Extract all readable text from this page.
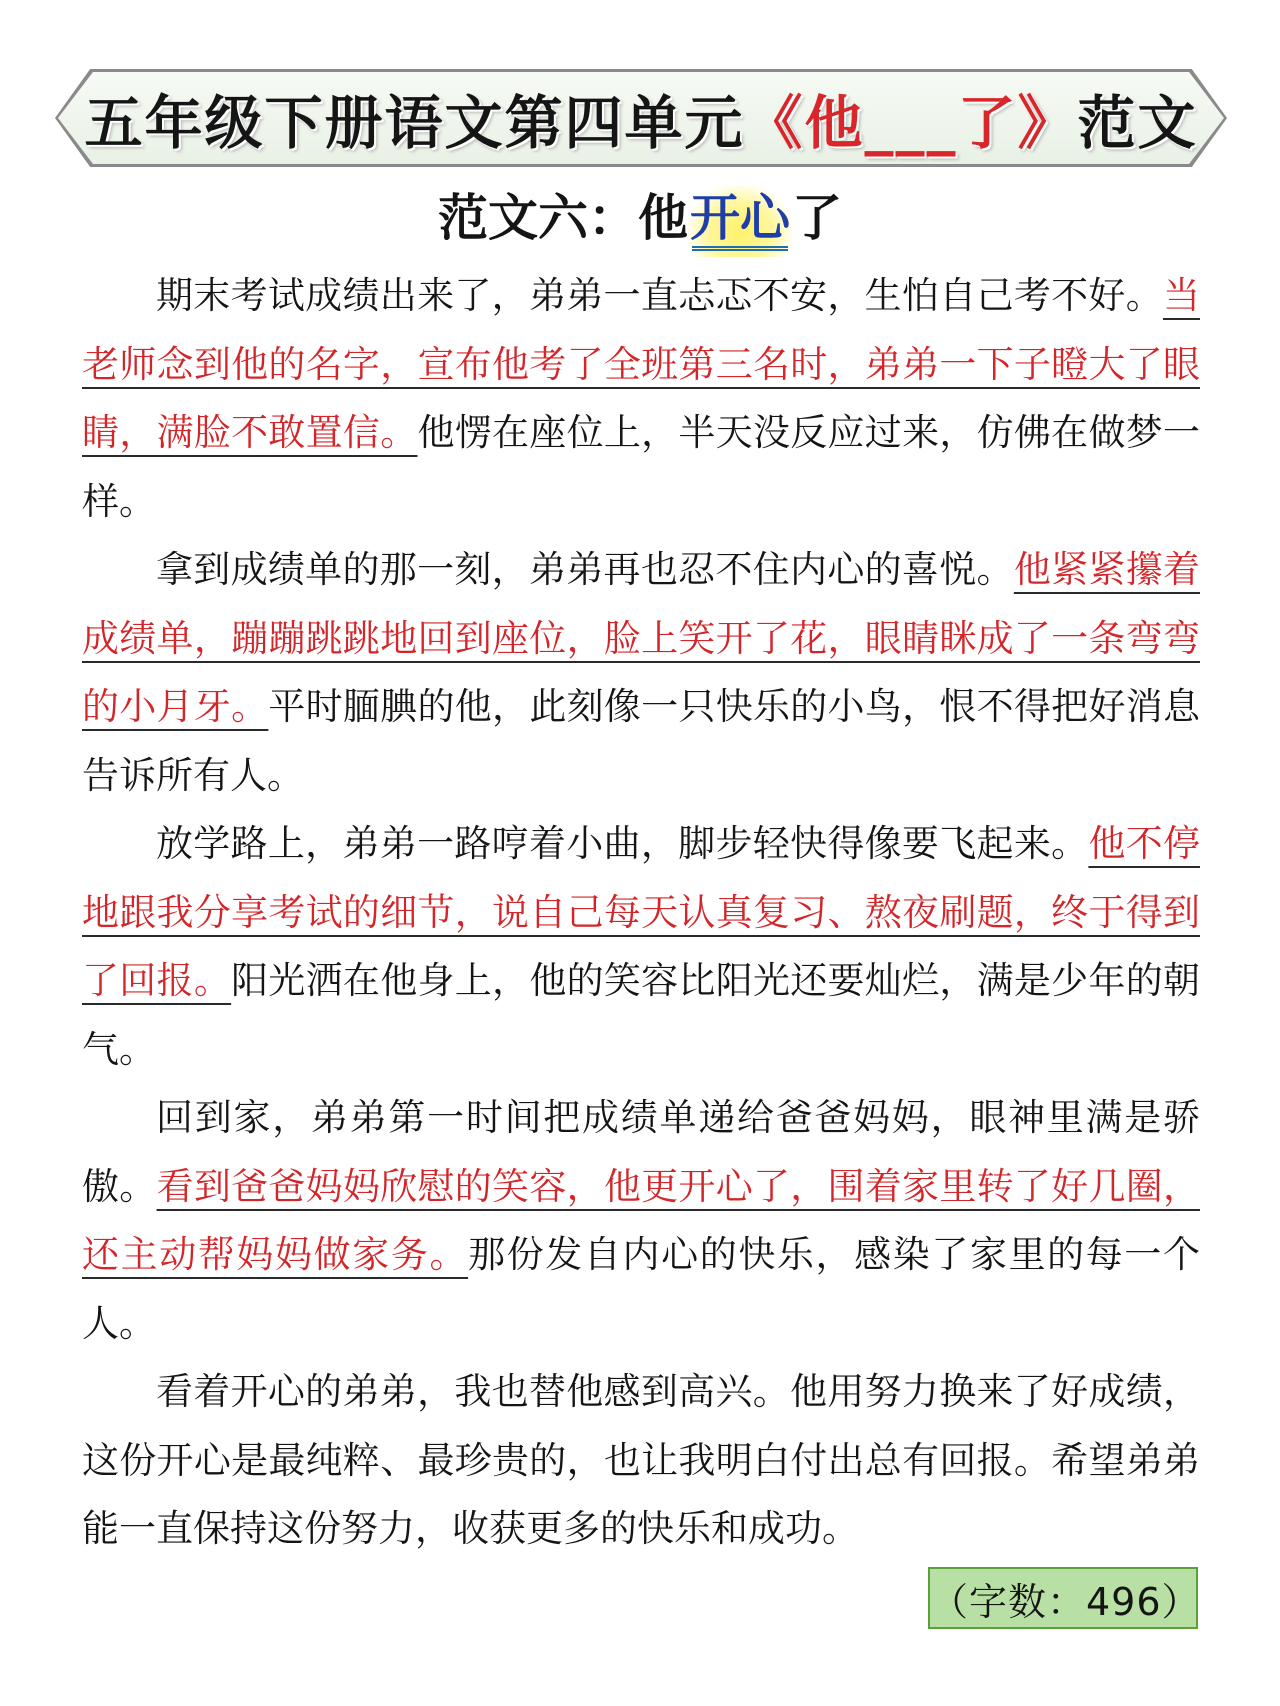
五年级下册语文第四单元 《他___了》 范文
范文六：他开心了

期末考试成绩出来了，弟弟一直忐忑不安，生怕自己考不好。当老师念到他的名字，宣布他考了全班第三名时，弟弟一下子瞪大了眼睛，满脸不敢置信。他愣在座位上，半天没反应过来，仿佛在做梦一样。

拿到成绩单的那一刻，弟弟再也忍不住内心的喜悦。他紧紧攥着成绩单，蹦蹦跳跳地回到座位，脸上笑开了花，眼睛眯成了一条弯弯的小月牙。平时腼腆的他，此刻像一只快乐的小鸟，恨不得把好消息告诉所有人。

放学路上，弟弟一路哼着小曲，脚步轻快得像要飞起来。他不停地跟我分享考试的细节，说自己每天认真复习、熬夜刷题，终于得到了回报。阳光洒在他身上，他的笑容比阳光还要灿烂，满是少年的朝气。

回到家，弟弟第一时间把成绩单递给爸爸妈妈，眼神里满是骄傲。看到爸爸妈妈欣慰的笑容，他更开心了，围着家里转了好几圈，还主动帮妈妈做家务。那份发自内心的快乐，感染了家里的每一个人。

看着开心的弟弟，我也替他感到高兴。他用努力换来了好成绩，这份开心是最纯粹、最珍贵的，也让我明白付出总有回报。希望弟弟能一直保持这份努力，收获更多的快乐和成功。

（字数：496）
